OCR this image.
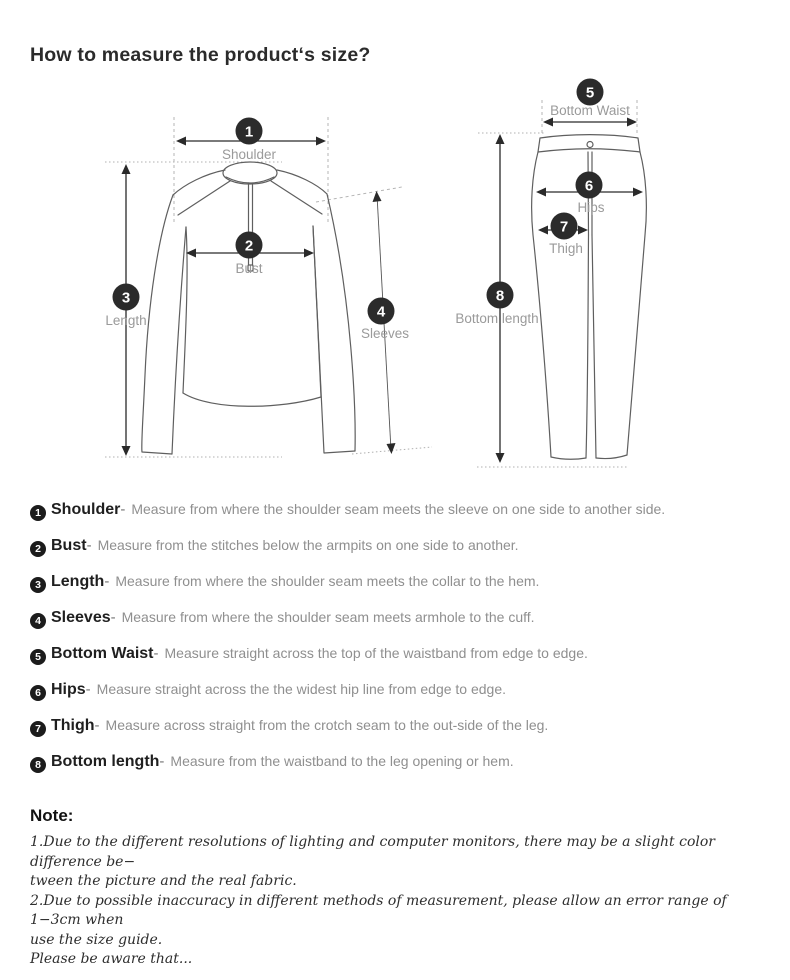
How to measure the product‘s size?
1
Shoulder
2
Bust
3
Length	4
Sleeves
5
Bottom Waist
6
Hips
7
Thigh
8
Bottom length
1 Shoulder - Measure from where the shoulder seam meets the sleeve on one side to another side.
2 Bust - Measure from the stitches below the armpits on one side to another.
3 Length - Measure from where the shoulder seam meets the collar to the hem.
4 Sleeves - Measure from where the shoulder seam meets armhole to the cuff.
5 Bottom Waist - Measure straight across the top of the waistband from edge to edge.
6 Hips - Measure straight across the the widest hip line from edge to edge.
7 Thigh - Measure across straight from the crotch seam to the out-side of the leg.
8 Bottom length - Measure from the waistband to the leg opening or hem.
Note:
1.Due to the different resolutions of lighting and computer monitors, there may be a slight color difference be−
tween the picture and the real fabric.
2.Due to possible inaccuracy in different methods of measurement, please allow an error range of 1−3cm when
use the size guide.
Please be aware that...
